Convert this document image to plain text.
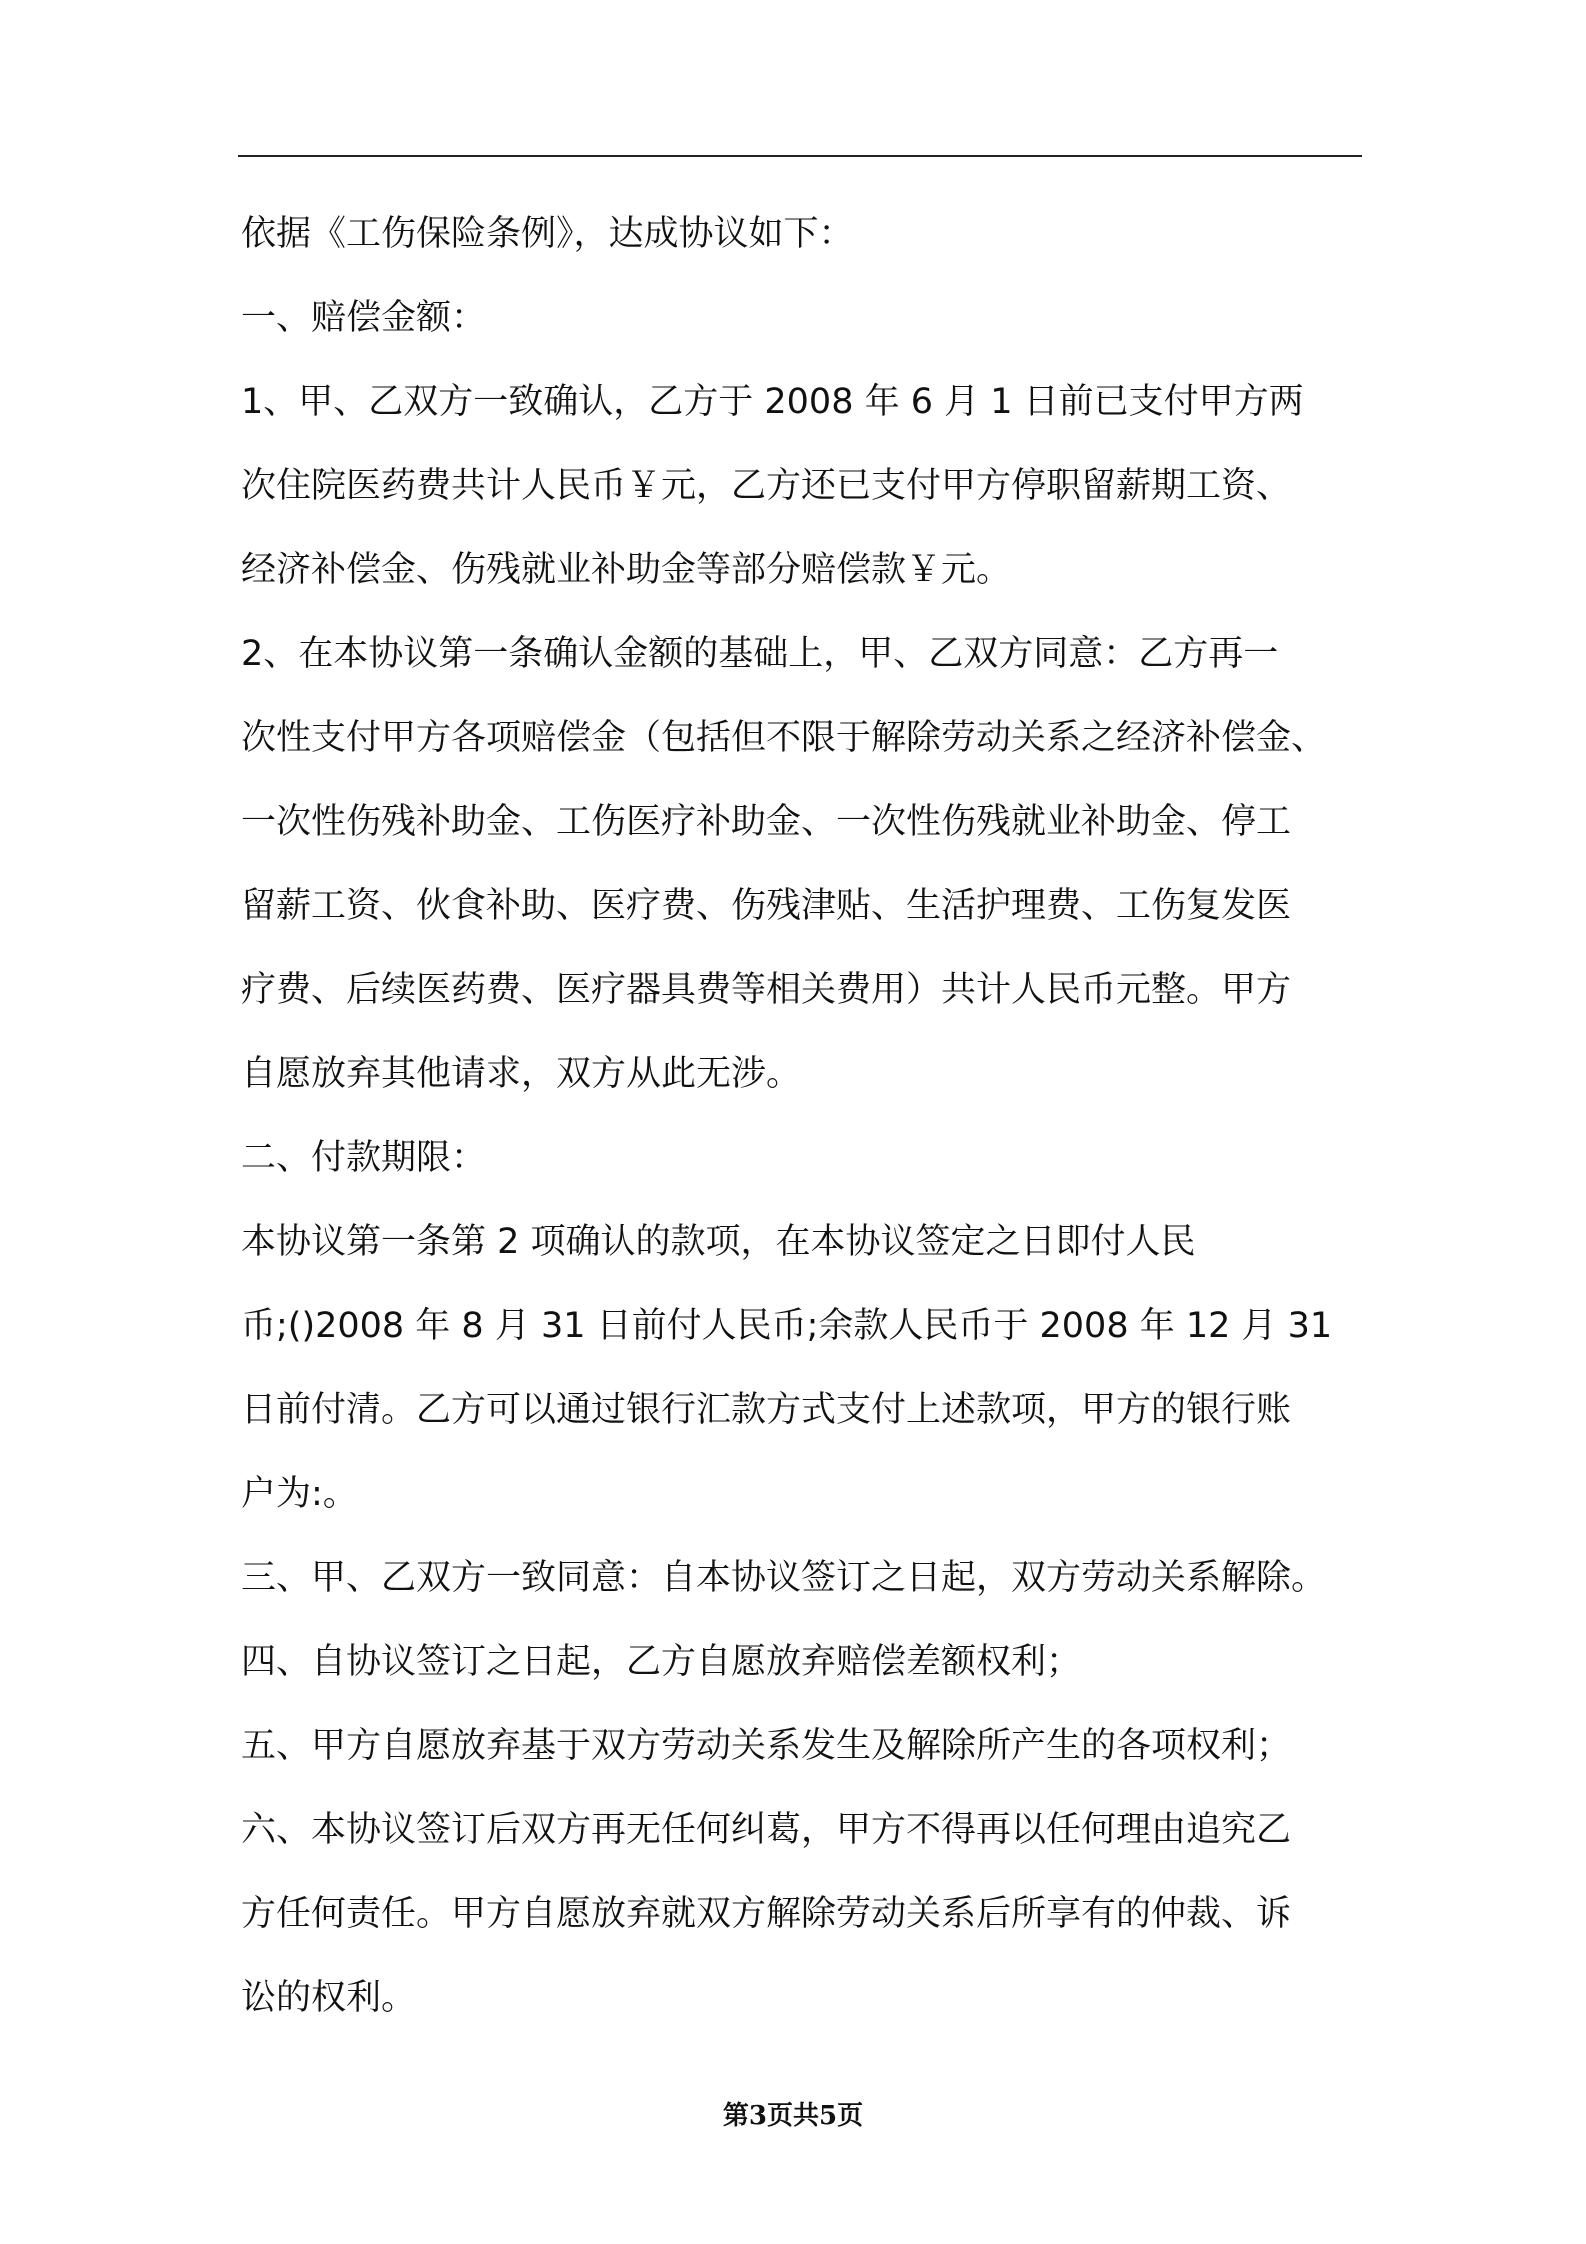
依据《工伤保险条例》，达成协议如下：

一、赔偿金额：

1、甲、乙双方一致确认，乙方于 2008 年 6 月 1 日前已支付甲方两

次住院医药费共计人民币￥元，乙方还已支付甲方停职留薪期工资、

经济补偿金、伤残就业补助金等部分赔偿款￥元。

2、在本协议第一条确认金额的基础上，甲、乙双方同意：乙方再一

次性支付甲方各项赔偿金（包括但不限于解除劳动关系之经济补偿金、

一次性伤残补助金、工伤医疗补助金、一次性伤残就业补助金、停工

留薪工资、伙食补助、医疗费、伤残津贴、生活护理费、工伤复发医

疗费、后续医药费、医疗器具费等相关费用）共计人民币元整。甲方

自愿放弃其他请求，双方从此无涉。

二、付款期限：

本协议第一条第 2 项确认的款项，在本协议签定之日即付人民

币;()2008 年 8 月 31 日前付人民币;余款人民币于 2008 年 12 月 31

日前付清。乙方可以通过银行汇款方式支付上述款项，甲方的银行账

户为:。

三、甲、乙双方一致同意：自本协议签订之日起，双方劳动关系解除。

四、自协议签订之日起，乙方自愿放弃赔偿差额权利；

五、甲方自愿放弃基于双方劳动关系发生及解除所产生的各项权利；

六、本协议签订后双方再无任何纠葛，甲方不得再以任何理由追究乙

方任何责任。甲方自愿放弃就双方解除劳动关系后所享有的仲裁、诉

讼的权利。

第3页共5页
